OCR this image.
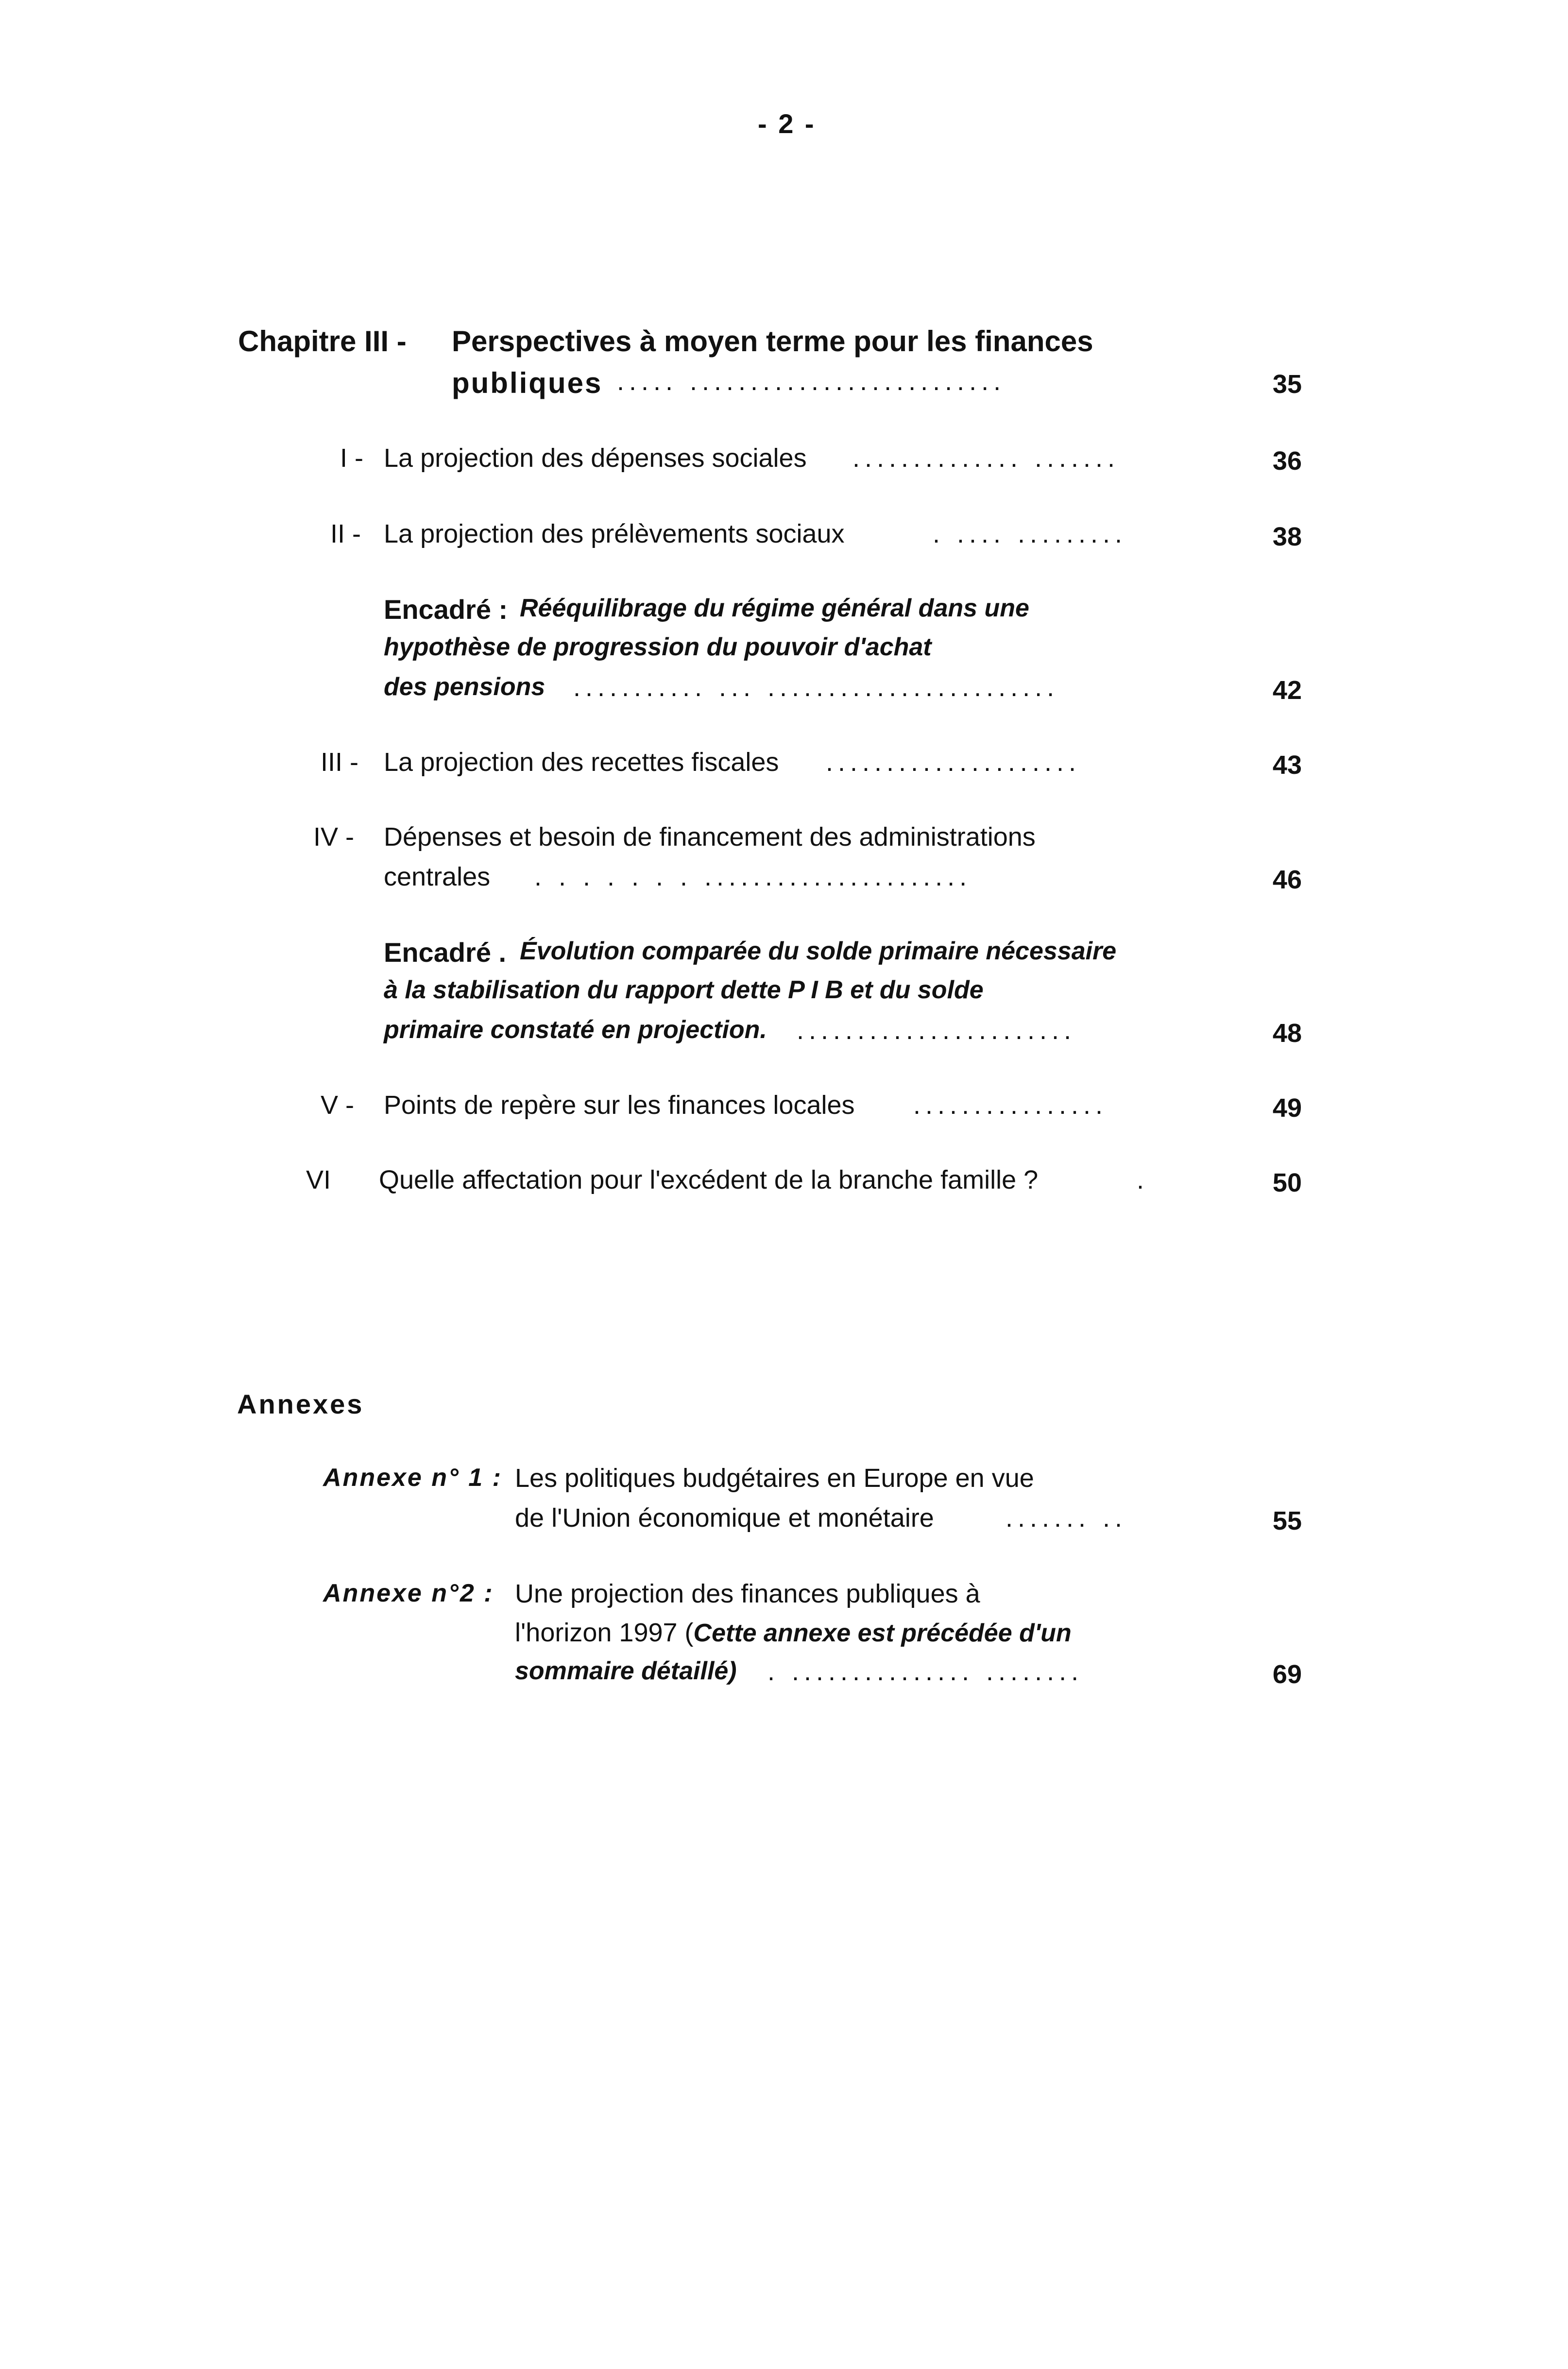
- 2 -
Chapitre III - Perspectives à moyen terme pour les finances
publiques ..... ..........................	35
I - La projection des dépenses sociales .............. .......	36
II - La projection des prélèvements sociaux	. .... .........	38
Encadré : Rééquilibrage du régime général dans une
hypothèse de progression du pouvoir d'achat
des pensions ........... ... ........................	42
III - La projection des recettes fiscales .....................	43
IV - Dépenses et besoin de financement des administrations
centrales . . . . . . . ......................	46
Encadré . Évolution comparée du solde primaire nécessaire
à la stabilisation du rapport dette P I B et du solde
primaire constaté en projection. .......................	48
V - Points de repère sur les finances locales ................	49
VI Quelle affectation pour l'excédent de la branche famille ?	.	50
Annexes
Annexe n° 1 : Les politiques budgétaires en Europe en vue
de l'Union économique et monétaire	....... ..	55
Annexe n°2 : Une projection des finances publiques à
l'horizon 1997 (Cette annexe est précédée d'un
sommaire détaillé) . ............... ........	69
